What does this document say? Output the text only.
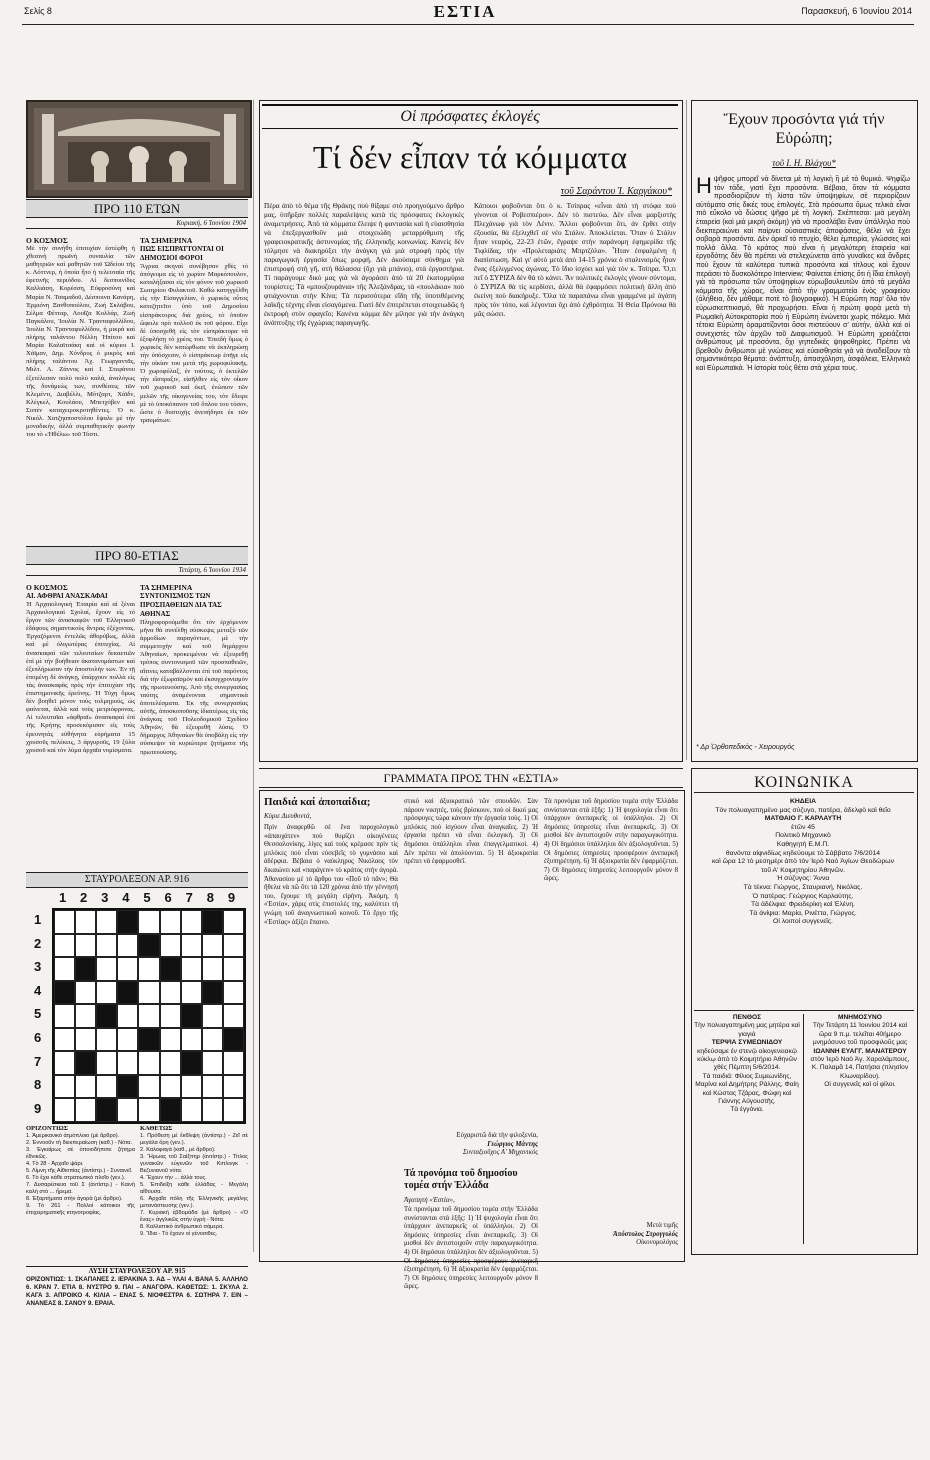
Σελίς 8	ΕΣΤΙΑ	Παρασκευή, 6 Ἰουνίου 2014
ΠΡΟ 110 ΕΤΩΝ
Κυριακή, 6 Ἰουνίου 1904
Ο ΚΟΣΜΟΣ
Μὲ τὴν συνήθη ἐπιτυχίαν ἐστέφθη ἡ χθεσινὴ πρωϊνὴ συναυλία τῶν μαθητριῶν καὶ μαθητῶν τοῦ Ὠδείου τῆς κ. Λόττνερ, ἡ ὁποία ἦτο ἡ τελευταία τῆς ἐφετινῆς περιόδου. Αἱ δεσποινίδες Καλλιάση, Κορέσση, Εὐφροσύνη καὶ Μαρία Ν. Τσαμαδοῦ, Δέσποινα Κανάρη, Ἑρμιόνη Ξανθοπούλου, Ζωὴ Σκλάβου, Σέλμα Φέτταρ, Λουΐζα Κολλάρ, Ζωὴ Παγκάλου, Ἰουλία Ν. Τρανταφυλλίδου, Ἰουλία Ν. Τρανταφυλλίδου, ἡ μικρὰ καὶ πλήρης ταλάντου Νέλλη Ἠπίτου καὶ Μαρία Καλαϊτσάκη καὶ οἱ κύριοι Ι. Χάϊμαν, Δημ. Χόνδρος ὁ μικρὸς καὶ πλήρης ταλάντου Ἀχ. Γεωργαντᾶς, Μιλτ. Α. Ζάννος καὶ Ι. Στεφάνου ἐξετέλεσαν πολὺ πολὺ καλά, ἀναλόγως τῆς δυνάμεώς των, συνθέσεις τῶν Κλεμέντι, Διαβέλλι, Μότζαρτ, Χάϊδν, Κλέγκελ, Κουλάου, Μπετχόβεν καὶ Σοπὲν καταχειροκροτηθέντες. Ὁ κ. Νικόλ. Χατζηαποστόλου ἔψαλε μὲ τὴν μοναδικήν, ἀλλὰ συμπαθητικὴν φωνήν του τὸ «Ἠθέλω» τοῦ Τόστι.
ΤΑ ΣΗΜΕΡΙΝΑ
ΠΩΣ ΕΙΣΠΡΑΤΤΟΝΤΑΙ ΟΙ ΔΗΜΟΣΙΟΙ ΦΟΡΟΙ
Ἄγριαι σκηναὶ συνέβησαν χθὲς τὸ ἀπόγευμα εἰς τὸ χωρίον Μαρκόπουλον, καταλήξασαι εἰς τὸν φόνον τοῦ χωρικοῦ Σωτηρίου Φυλακτοῦ. Καθὼ κατηγγέλθη εἰς τὴν Εἰσαγγελίαν, ὁ χωρικὸς οὗτος κατεζητεῖτο ὑπὸ τοῦ Δημοσίου εἰσπράκτορος διὰ χρέος, τὸ ὁποῖον ὤφειλε πρὸ πολλοῦ ἐκ τοῦ φόρου. Εἶχε δὲ ὑποσχεθῆ εἰς τὸν εἰσπράκτορα νὰ ἐξοφλήσῃ τὸ χρέος του. Ἐπειδὴ ὅμως ὁ χωρικὸς δὲν κατώρθωσε νὰ ἐκπληρώσῃ τὴν ὑπόσχεσιν, ὁ εἰσπράκτωρ ἐπῆγε εἰς τὴν οἰκίαν του μετὰ τῆς χωροφυλακῆς. Ὁ χωροφύλαξ, ἐν τούτοις, ὁ ἐκτελῶν τὴν εἴσπραξιν, εἰσῆλθεν εἰς τὸν οἶκον τοῦ χωρικοῦ καὶ ἐκεῖ, ἐνώπιον τῶν μελῶν τῆς οἰκογενείας του, τὸν ἔδειρε μὲ τὸ ὑποκόπανον τοῦ ὅπλου του τόσον, ὥστε ὁ δυστυχὴς ἀνεπήδησε ἐκ τῶν τραυμάτων.
ΠΡΟ 80-ΕΤΙΑΣ
Τετάρτη, 6 Ἰουνίου 1934
Ο ΚΟΣΜΟΣ
ΑΙ. ΑΦΘΡΑΙ ΑΝΑΣΚΑΦΑΙ
Ἡ Ἀρχαιολογικὴ Ἑταιρία καὶ αἱ ξέναι Ἀρχαιολογικαὶ Σχολαί, ἔχουν εἰς τὸ ἔργον τῶν ἀνασκαφῶν τοῦ Ἑλληνικοῦ ἐδάφους σημαντικοὺς ἄντρας ἐξέχοντας. Ἐργαζόμενοι ἐντελῶς ἀθορύβως, ἀλλὰ καὶ μὲ ὀλιγωτέρας ἐπιτυχίας. Αἱ ἀνασκαφαὶ τῶν τελευταίων δεκαετιῶν ἐπὶ μὲ τὴν βοήθειαν ἀκατανομάστων καὶ ἐξεπλήρωσαν τὴν ἀποστολήν των. Ἐν τῇ ἑπομένῃ δὲ ἀνάγκῃ, ὑπάρχουν πολλὰ εἰς τὰς ἀνασκαφὰς πρὸς τὴν ἐπιτυχίαν τῆς ἐπιστημονικῆς ἐρεύνης. Ἡ Τύχη ὅμως δὲν βοηθεῖ μόνον τοὺς τολμηρούς, ὡς φαίνεται, ἀλλὰ καὶ τοὺς μετριόφρονας. Αἱ τελευταῖαι «ἀφθραῖ» ἀνασκαφαὶ ἐπὶ τῆς Κρήτης προσεκόμισαν εἰς τοὺς ἐρευνητὰς εὐθήνητα εὑρήματα 15 χρυσοῦς πελέκεις, 3 ἀργυροῦς, 19 ξύλα χρυσοῦ καὶ τὸν λύμα ἀρχαῖα νομίσματα.
ΤΑ ΣΗΜΕΡΙΝΑ
ΣΥΝΤΟΝΙΣΜΟΣ ΤΩΝ ΠΡΟΣΠΑΘΕΙΩΝ ΔΙΑ ΤΑΣ ΑΘΗΝΑΣ
Πληροφορούμεθα ὅτι τὸν ἐρχόμενον μῆνα θὰ συνέλθῃ σύσκεψις μεταξὺ τῶν ἁρμοδίων παραγόντων, μὲ τὴν συμμετοχὴν καὶ τοῦ δημάρχου Ἀθηναίων, προκειμένου νὰ ἐξευρεθῇ τρόπος συντονισμοῦ τῶν προσπαθειῶν, αἵτινες καταβάλλονται ἐπὶ τοῦ παρόντος διὰ τὴν ἐξωραϊσμὸν καὶ ἐκσυγχρονισμὸν τῆς πρωτευούσης. Ἀπὸ τῆς συνεργασίας ταύτης ἀναμένονται σημαντικὰ ἀποτελέσματα. Ἐκ τῆς συνεργασίας αὐτῆς, ἀποσκοποῦσης ἰδιαιτέρως εἰς τὰς ἀνάγκας τοῦ Πολεοδομικοῦ Σχεδίου Ἀθηνῶν, θὰ ἐξευρεθῆ λύσις. Ὁ δήμαρχος Ἀθηναίων θὰ ὑποβάλῃ εἰς τὴν σύσκεψιν τὰ κυριώτερα ζητήματα τῆς πρωτευούσης.
ΣΤΑΥΡΟΛΕΞΟΝ ΑΡ. 916
1 2 3 4 5 6 7 8 9
1
2
3
4
5
6
7
8
9
ΟΡΙΖΟΝΤΙΩΣ
1. Ἀμερικανικὸ ἀτμόπλοιο (μὲ ἄρθρο).
2. Ἐννοοῦν τὴ διεκπεραίωση (καθ.) - Νότα.
3. Ἐγκαίρως σὲ ὁποιοδήποτε ζήτημα ἐθνικῶς.
4. Τὸ 28 - Ἀρχαῖο ψάρι.
5. Λίμνη τῆς Αἰθιοπίας (ἀντίστρ.) - Συναινεῖ.
6. Τὸ ἔχει κάθε στρατιωτικὸ πλοῖο (γεν.).
7. Δυσαρέσκεια τοῦ Σ (ἀντίστρ.) - Καινὴ καλὴ στὸ ... ἤρεμα.
8. Ἐξαρτήματα στὴν ἀγορὰ (μὲ ἄρθρο).
9. Τὸ 261 - Πολλοὶ κάτοικοι τῆς ἐπιχειρηματικῆς κτηνοτροφίας.
ΚΑΘΕΤΩΣ
1. Πρόθεση μὲ ἔκθλιψη (ἀντίστρ.) - Ζεῖ σὲ μεγάλα ὄρη (γεν.).
2. Καλοφαγὰ (καθ., μὲ ἄρθρο).
3. Ἥρωας τοῦ Σαίξπηρ (ἀντίστρ.) - Τίτλος γυναικῶν εὐγενῶν τοῦ Κιπλινγκ - Βεζυνιανοῦ νότα.
4. Ἔχουν τὴν ... ἀλλὰ τους.
5. Ἐπιδείξη κάθε ἐλλάδας - Μεγάλη αἴθουσα.
6. Ἀρχαῖα πόλη τῆς Ἑλληνικῆς μεγάλης μετανάστευσης (γεν.).
7. Κυριακὴ ἑβδομάδα (μὲ ἄρθρο) - «Ὁ ἕνας» ἀγγλικῶς στὴν ὑγρὴ - Νότα.
8. Καλλιστικὸ ἀνθρωπικὸ σάμερα.
9. Ἴδια - Τὸ ἔχουν οἱ γένοσιθες.
ΛΥΣΗ ΣΤΑΥΡΟΛΕΞΟΥ ΑΡ. 915
ΟΡΙΖΟΝΤΙΩΣ: 1. ΣΚΑΠΑΝΕΣ 2. ΙΕΡΑΚΙΝΑ 3. ΑΔ – ΥΛΑΙ 4. ΒΑΝΑ 5. ΑΛΛΗΛΟ 6. ΚΡΑΝ 7. ΕΤΙΑ 8. ΝΥΣΤΡΟ 9. ΠΑΙ – ΑΝΑΓΟΡΑ. ΚΑΘΕΤΩΣ: 1. ΣΚΥΛΑ 2. ΚΑΓΑ 3. ΑΠΡΟΙΚΟ 4. ΚΙΛΙΑ – ΕΝΑΣ 5. ΝΙΟΦΕΣΤΡΑ 6. ΣΩΤΗΡΑ 7. ΕΙΝ – ΑΝΑΝΕΑΣ 8. ΣΑΝΟΥ 9. ΕΡΑΙΑ.
Οἱ πρόσφατες ἐκλογές
Τί δέν εἶπαν τά κόμματα
τοῦ Σαράντου Ἰ. Καργάκου*
Πέρα ἀπὸ τὸ θέμα τῆς Θράκης ποὺ θίξαμε στὸ προηγούμενο ἄρθρο μας, ὑπῆρξαν πολλὲς παραλείψεις κατὰ τὶς πρόσφατες ἐκλογικὲς ἀναμετρήσεις. Ἀπὸ τὰ κόμματα ἔλειψε ἡ φαντασία καὶ ἡ εὐαισθησία νὰ ἐπεξεργασθοῦν μιὰ στοιχειώδη μεταρρύθμιση τῆς γραφειοκρατικῆς ἀστυνομίας τῆς ἐλληνικῆς κοινωνίας. Κανεὶς δὲν τόλμησε νὰ διακηρύξει τὴν ἀνάγκη γιὰ μιὰ στροφὴ πρὸς τὴν παραγωγικὴ ἐργασία ὅπως μορφή. Δὲν ἀκούσαμε σύνθημα γιὰ ἐπιστροφὴ στὴ γῆ, στὴ θάλασσα (ὄχι γιὰ μπάνιο), στὰ ἐργαστήρια. Τί παράγουμε δικό μας γιὰ νὰ ἀγοράσει ἀπὸ τὰ 20 ἑκατομμύρια τουρίστες; Τὰ «μπουζουράνια» τῆς Ἀλεξάνδρας, τὰ «πουλάκια» ποὺ φτιάχνονται στὴν Κίνα; Τὰ περισσότερα εἴδη τῆς ὑποτιθέμενης λαϊκῆς τέχνης εἶναι εἰσαγόμενα. Γιατὶ δὲν ἐπιτρέπεται στοιχειωδῶς ἡ ἐκτροφὴ στὸν σφαγεῖο; Κανένα κόμμα δὲν μίλησε γιὰ τὴν ἀνάγκη ἀνάπτυξης τῆς ἐγχώριας παραγωγῆς.
Κάποιοι φοβοῦνται ὅτι ὁ κ. Τσίπρας «εἶναι ἀπὸ τὴ στόφα ποὺ γίνονται οἱ Ροβεσπιέροι». Δὲν τὸ πιστεύω. Δὲν εἶναι μαρξιστὴς Πλεχάνωφ γιὰ τὸν Λένιν. Ἄλλοι φοβοῦνται ὅτι, ἀν ἔρθει στὴν ἐξουσία, θὰ ἐξελιχθεῖ σὲ νέο Στάλιν. Ἀποκλείεται. Ὅταν ὁ Στάλιν ἦταν νεαρός, 22-23 ἐτῶν, ἔγραψε στὴν παράνομη ἐφημερίδα τῆς Τιφλίδας, τὴν «Προλεταριάτς Μπρτζόλα». Ἦταν ἐσφαλμένη ἡ διαπίστωση. Καὶ γι' αὐτὸ μετὰ ἀπὸ 14-15 χρόνια ὁ σταλινισμὸς ἦταν ἕνας ἐξελιγμένος ἀγώνας. Τὸ ἴδιο ἰσχύει καὶ γιὰ τὸν κ. Τσίπρα. Ὅ,τι πεῖ ὁ ΣΥΡΙΖΑ δὲν θὰ τὸ κάνει. Ἂν πολιτικὲς ἐκλογὲς γίνουν σύντομα, ὁ ΣΥΡΙΖΑ θὰ τὶς κερδίσει, ἀλλὰ θὰ ἐφαρμόσει πολιτικὴ ἄλλη ἀπὸ ἐκείνη ποὺ διακήρυξε. Ὅλα τὰ παραπάνω εἶναι γραμμένα μὲ ἀγάπη πρὸς τὸν τόπο, καὶ λέγονται ὄχι ἀπὸ ἐχθρότητα. Ἡ Θεία Πρόνοια θὰ μᾶς σώσει.
Ἔχουν προσόντα γιά τήν Εὐρώπη;
τοῦ Ι. Η. Βλάχου*
Ηψῆφος μπορεῖ νὰ δίνεται μὲ τὴ λογικὴ ἢ μὲ τὸ θυμικό. Ψηφίζω τὸν τάδε, γιατὶ ἔχει προσόντα. Βέβαια, ὅταν τὰ κόμματα προσδιορίζουν τὴ λίστα τῶν ὑποψηφίων, σὲ περιορίζουν αὐτόματα στὶς δικές τους ἐπιλογές. Στὰ πρόσωπα ὅμως τελικὰ εἶναι πιὸ εὔκολο νὰ δώσεις ψῆφο μὲ τὴ λογική. Σκέπτεσαι: μιὰ μεγάλη ἑταιρεία (καὶ μιὰ μικρὴ ἀκόμη) γιὰ νὰ προσλάβει ἕναν ὑπάλληλο ποὺ διεκπεραιώνει καὶ παίρνει οὐσιαστικὲς ἀποφάσεις, θέλει νὰ ἔχει σοβαρὰ προσόντα. Δὲν ἀρκεῖ τὸ πτυχίο, θέλει ἐμπειρία, γλώσσες καὶ πολλὰ ἄλλα. Τὸ κράτος ποὺ εἶναι ἡ μεγαλύτερη ἑταιρεία καὶ ἐργοδότης δὲν θὰ πρέπει νὰ στελεχώνεται ἀπὸ γυναῖκες καὶ ἄνδρες ποὺ ἔχουν τὰ καλύτερα τυπικὰ προσόντα καὶ τίτλους καὶ ἔχουν περάσει τὸ δυσκολότερο Interview; Φαίνεται ἐπίσης ὅτι ἡ ἴδια ἐπιλογὴ γιὰ τὰ πρόσωπα τῶν ὑποψηφίων εὐρωβουλευτῶν ἀπὸ τὰ μεγάλα κόμματα τῆς χώρας, εἶναι ἀπὸ τὴν γραμματεία ἑνὸς γραφείου (ἀλήθεια, δὲν μάθαμε ποτὲ τὸ βιογραφικό). Ἡ Εὐρώπη παρ' ὅλο τὸν εὐρωσκεπτικισμό, θὰ προχωρήσει. Εἶναι ἡ πρώτη φορὰ μετὰ τὴ Ρωμαϊκὴ Αὐτοκρατορία ποὺ ἡ Εὐρώπη ἑνώνεται χωρὶς πόλεμο. Μιὰ τέτοια Εὐρώπη ὁραματίζονται ὅσοι πιστεύουν σ' αὐτήν, ἀλλὰ καὶ οἱ συνεχιστὲς τῶν ἀρχῶν τοῦ Διαφωτισμοῦ. Ἡ Εὐρώπη χρειάζεται ἀνθρώπους μὲ προσόντα, ὄχι γηπεδικὲς ψηφοθηρίες. Πρέπει νὰ βρεθοῦν ἄνθρωποι μὲ γνώσεις καὶ εὐαισθησία γιὰ νὰ ἀναδείξουν τὰ σημαντικότερα θέματα: ἀνάπτυξη, ἀπασχόληση, ἀσφάλεια, Ἑλληνικὰ καὶ Εὐρωπαϊκὰ. Ἡ ἱστορία τοὺς θέτει στὰ χέρια τους.
* Δρ Ὀρθοπεδικὸς - Χειρουργὸς
ΚΟΙΝΩΝΙΚΑ
ΚΗΔΕΙΑ
Τὸν πολυαγαπημένο μας σύζυγο, πατέρα, ἀδελφὸ καὶ θεῖο
ΜΑΤΘΑΙΟ Γ. ΚΑΡΛΑΥΤΗ
ἐτῶν 45
Πολιτικὸ Μηχανικὸ
Καθηγητὴ Ε.Μ.Π.
θανόντα αἰφνιδίως κηδεύουμε τὸ Σάββατο 7/6/2014
καὶ ὥρα 12 τὸ μεσημέρι ἀπὸ τὸν Ἱερὸ Ναὸ Ἁγίων Θεοδώρων
τοῦ Α' Κοιμητηρίου Ἀθηνῶν.
Ἡ σύζυγος: Ἄννα
Τὰ τέκνα: Γιώργος, Σταυριανή, Νικόλας.
Ὁ πατέρας: Γεώργιος Καρλαύτης.
Τὰ ἀδέλφια: Φρειδερίκη καὶ Ἑλένη.
Τὰ ἀνίψια: Μαρία, Ρινέττα, Γιώργος.
Οἱ λοιποὶ συγγενεῖς.
ΠΕΝΘΟΣ
Τὴν πολυαγαπημένη μας μητέρα καὶ γιαγιά
ΤΕΡΨΙΑ ΣΥΜΕΩΝΙΔΟΥ
κηδεύσαμε ἐν στενῷ οἰκογενειακῷ κύκλῳ ἀπὸ τὸ Κοιμητήριο Ἀθηνῶν χθὲς Πέμπτη 5/6/2014.
Τὰ παιδιά: Φίλιος Συμεωνίδης, Μαρίνα καὶ Δημήτρης Ράλλης, Φαίη καὶ Κώστας Τζάρας, Φώφη καὶ Γιάννης Αὐγουστῆς.
Τὰ ἐγγόνια.
ΜΝΗΜΟΣΥΝΟ
Τὴν Τετάρτη 11 Ἰουνίου 2014 καὶ ὥρα 9 π.μ. τελεῖται 40ήμερο μνημόσυνο τοῦ προσφιλοῦς μας
ΙΩΑΝΝΗ ΕΥΑΓΓ. ΜΑΝΑΤΕΡΟΥ
στὸν Ἱερὸ Ναὸ Ἁγ. Χαραλάμπους, Κ. Παλαμᾶ 14, Πατήσια (πλησίον Κλωναρίδου).
Οἱ συγγενεῖς καὶ οἱ φίλοι.
ΓΡΑΜΜΑΤΑ ΠΡΟΣ ΤΗΝ «ΕΣΤΙΑ»
Παιδιά καί ἀποπαίδια;
Κύριε Διευθυντά,
Πρὶν ἀναφερθῶ σὲ ἕνα παροχολογικὸ «ἀπαυχάτεν» ποὺ θυμίζει οἰκογένειες Θεσσαλονίκης, λίγες καὶ τοὺς κρέμασε πρὶν τὶς μπλόκες ποὺ εἶναι εὐσεβεῖς τὸ γυμνάσιο καὶ ἀδέρφια. Βέβαια ὁ ναύκληρος Νικόλαος τὸν δικαιώνει καὶ «παράγειν» τὸ κράτος στὴν ἀγορὰ. Ἀθανασίου μὲ τὸ ἄρθρο του «Ποῦ τὸ πᾶν»; Θὰ ἤθελα νὰ πῶ ὅτι τὰ 120 χρόνια ἀπὸ τὴν γέννησή του, ἔχουμε τὴ μεγάλη εἰρήνη. Ἀκόμη, ἡ «Ἑστία», χάρις στὶς ἐπιστολές της, καλύπτει τὴ γνώμη τοῦ ἀναγνωστικοῦ κοινοῦ. Τὸ ἔργο τῆς «Ἑστίας» ἀξίζει ἔπαινο.
στικὸ καὶ ἀξιοκρατικὸ τῶν σπουδῶν. Σὰν πάρουν νικητές, τοὺς βρίσκουν, ποὺ οἱ δικοὶ μας πρόσφυγες τώρα κάνουν τὴν ἐργασία τοὺς. 1) Οἱ μπλόκες ποὺ ἰσχύουν εἶναι ἀναγκαῖες. 2) Ἡ ἐργασία πρέπει νὰ εἶναι ἐκλογική. 3) Οἱ δημόσιοι ὑπάλληλοι εἶναι ἐπαγγελματικοὶ. 4) Δὲν πρέπει νὰ ἀπολύονται. 5) Ἡ ἀξιοκρατία πρέπει νὰ ἐφαρμοσθεῖ.
Εὐχαριστῶ διὰ τὴν φιλοξενία,
Γεώργιος Μάντης
Συνταξιοῦχος Α' Μηχανικός
Τά προνόμια τοῦ δημοσίου τομέα στήν Ἑλλάδα
Ἀγαπητή «Ἑστία»,
Τὰ προνόμια τοῦ δημοσίου τομέα στὴν Ἑλλάδα συνίστανται στὰ ἑξῆς: 1) Ἡ ψυχολογία εἶναι ὅτι ὑπάρχουν ἀνεπαρκεῖς οἱ ὑπάλληλοι. 2) Οἱ δημόσιες ὑπηρεσίες εἶναι ἀνεπαρκεῖς. 3) Οἱ μισθοὶ δὲν ἀντιστοιχοῦν στὴν παραγωγικότητα. 4) Οἱ δημόσιοι ὑπάλληλοι δὲν ἀξιολογοῦνται. 5) Οἱ δημόσιες ὑπηρεσίες προσφέρουν ἀνεπαρκῆ ἐξυπηρέτηση. 6) Ἡ ἀξιοκρατία δὲν ἐφαρμόζεται. 7) Οἱ δημόσιες ὑπηρεσίες λειτουργοῦν μόνον 8 ὥρες.
Τὰ προνόμια τοῦ δημοσίου τομέα στὴν Ἑλλάδα συνίστανται στὰ ἑξῆς: 1) Ἡ ψυχολογία εἶναι ὅτι ὑπάρχουν ἀνεπαρκεῖς οἱ ὑπάλληλοι. 2) Οἱ δημόσιες ὑπηρεσίες εἶναι ἀνεπαρκεῖς. 3) Οἱ μισθοὶ δὲν ἀντιστοιχοῦν στὴν παραγωγικότητα. 4) Οἱ δημόσιοι ὑπάλληλοι δὲν ἀξιολογοῦνται. 5) Οἱ δημόσιες ὑπηρεσίες προσφέρουν ἀνεπαρκῆ ἐξυπηρέτηση. 6) Ἡ ἀξιοκρατία δὲν ἐφαρμόζεται. 7) Οἱ δημόσιες ὑπηρεσίες λειτουργοῦν μόνον 8 ὥρες.
Μετὰ τιμῆς
Ἀπόστολος Στρογγυλός
Οἰκονομολόγος
